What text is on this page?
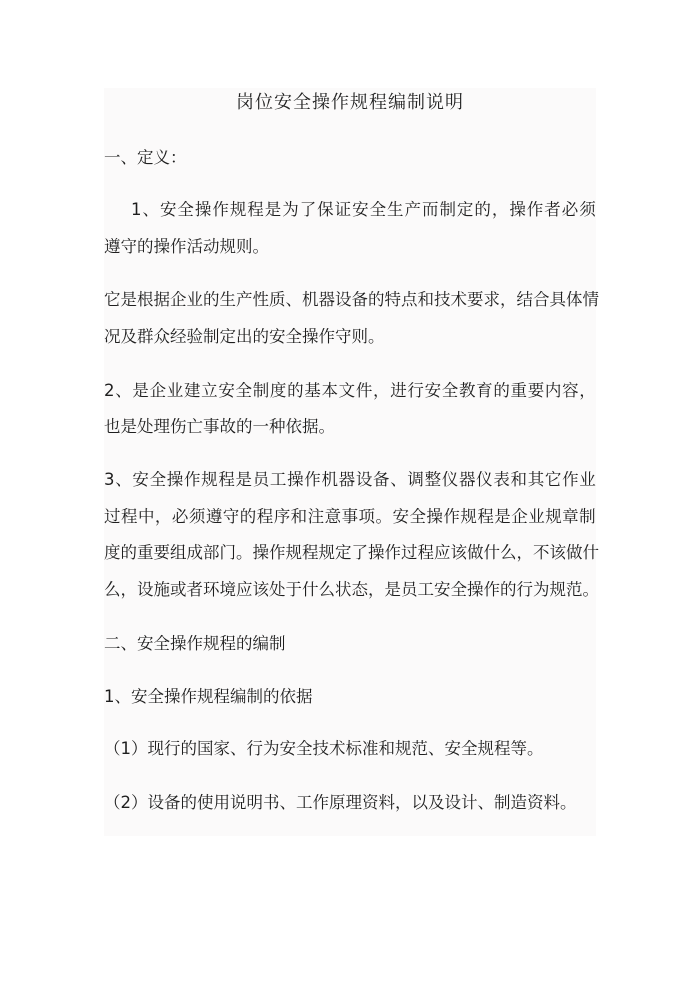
岗位安全操作规程编制说明
一、定义：
1 、 安 全 操 作 规 程 是 为 了 保 证 安 全 生 产 而 制 定 的 ， 操 作 者 必 须
遵守的操作活动规则。
它 是 根 据 企 业 的 生 产 性 质 、 机 器 设 备 的 特 点 和 技 术 要 求 ， 结 合 具 体 情
况及群众经验制定出的安全操作守则。
2 、 是 企 业 建 立 安 全 制 度 的 基 本 文 件 ， 进 行 安 全 教 育 的 重 要 内 容 ，
也是处理伤亡事故的一种依据。
3 、 安 全 操 作 规 程 是 员 工 操 作 机 器 设 备 、 调 整 仪 器 仪 表 和 其 它 作 业
过 程 中 ， 必 须 遵 守 的 程 序 和 注 意 事 项 。 安 全 操 作 规 程 是 企 业 规 章 制
度 的 重 要 组 成 部 门 。 操 作 规 程 规 定 了 操 作 过 程 应 该 做 什 么 ， 不 该 做 什
么 ， 设 施 或 者 环 境 应 该 处 于 什 么 状 态 ， 是 员 工 安 全 操 作 的 行 为 规 范 。
二、安全操作规程的编制
1、安全操作规程编制的依据
（1）现行的国家、行为安全技术标准和规范、安全规程等。
（2）设备的使用说明书、工作原理资料，以及设计、制造资料。
